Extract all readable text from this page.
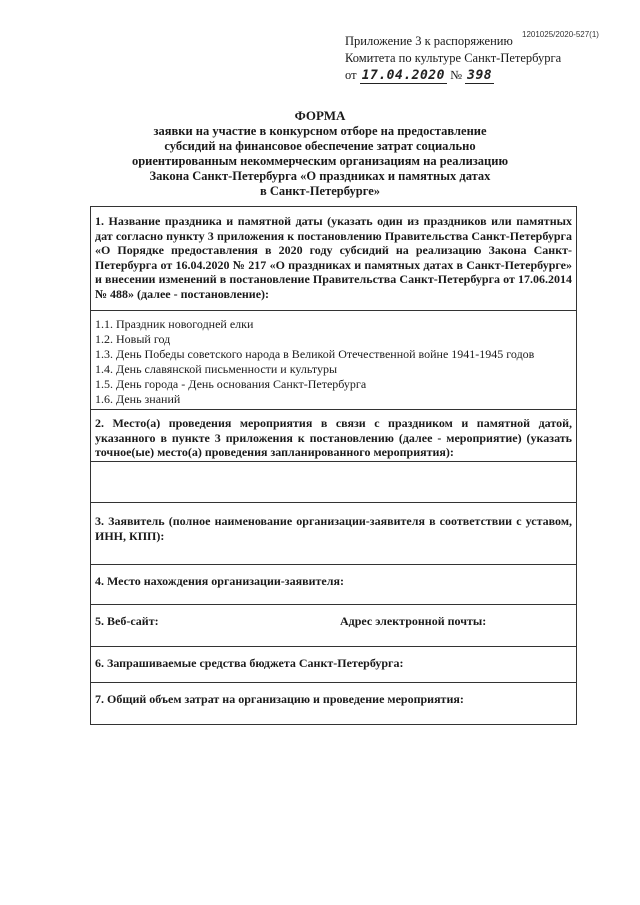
1201025/2020-527(1)
Приложение 3 к распоряжению
Комитета по культуре Санкт-Петербурга
от 17.04.2020 № 398
ФОРМА
заявки на участие в конкурсном отборе на предоставление
субсидий на финансовое обеспечение затрат социально
ориентированным некоммерческим организациям на реализацию
Закона Санкт-Петербурга «О праздниках и памятных датах
в Санкт-Петербурге»
1. Название праздника и памятной даты (указать один из праздников или памятных дат согласно пункту 3 приложения к постановлению Правительства Санкт-Петербурга «О Порядке предоставления в 2020 году субсидий на реализацию Закона Санкт-Петербурга от 16.04.2020 № 217 «О праздниках и памятных датах в Санкт-Петербурге» и внесении изменений в постановление Правительства Санкт-Петербурга от 17.06.2014 № 488» (далее - постановление):
1.1. Праздник новогодней елки
1.2. Новый год
1.3. День Победы советского народа в Великой Отечественной войне 1941-1945 годов
1.4. День славянской письменности и культуры
1.5. День города - День основания Санкт-Петербурга
1.6. День знаний
2. Место(а) проведения мероприятия в связи с праздником и памятной датой, указанного в пункте 3 приложения к постановлению (далее - мероприятие) (указать точное(ые) место(а) проведения запланированного мероприятия):
3. Заявитель (полное наименование организации-заявителя в соответствии с уставом, ИНН, КПП):
4. Место нахождения организации-заявителя:
5. Веб-сайт:	Адрес электронной почты:
6. Запрашиваемые средства бюджета Санкт-Петербурга:
7. Общий объем затрат на организацию и проведение мероприятия:
